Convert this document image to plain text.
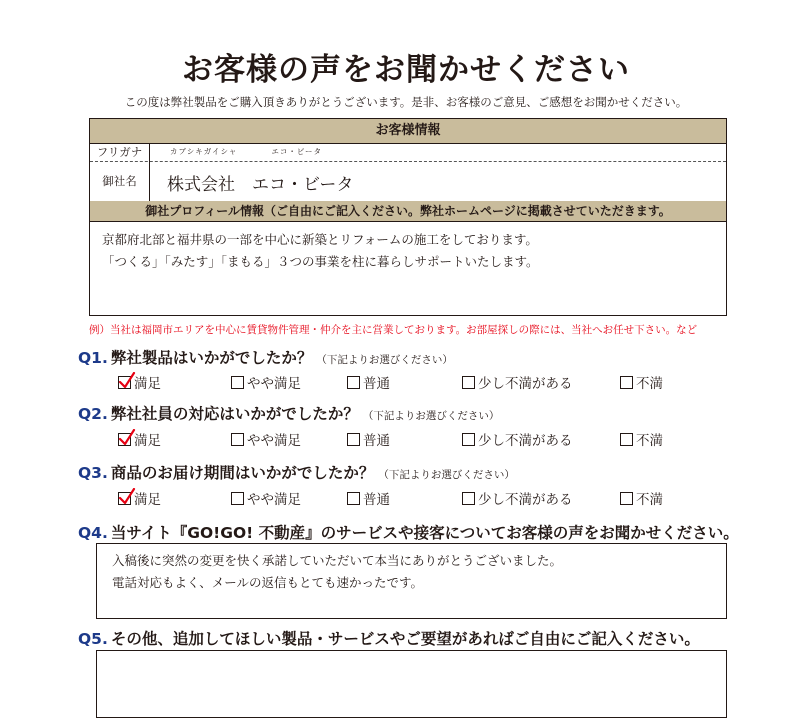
お客様の声をお聞かせください
この度は弊社製品をご購入頂きありがとうございます。是非、お客様のご意見、ご感想をお聞かせください。
お客様情報
フリガナ	カブシキガイシャ　　　　エコ・ビータ
御社名	株式会社　エコ・ビータ
御社プロフィール情報（ご自由にご記入ください。弊社ホームページに掲載させていただきます。
京都府北部と福井県の一部を中心に新築とリフォームの施工をしております。
「つくる」「みたす」「まもる」３つの事業を柱に暮らしサポートいたします。
例）当社は福岡市エリアを中心に賃貸物件管理・仲介を主に営業しております。お部屋探しの際には、当社へお任せ下さい。など
Q1. 弊社製品はいかがでしたか？ （下記よりお選びください）
Q2. 弊社社員の対応はいかがでしたか？ （下記よりお選びください）
Q3. 商品のお届け期間はいかがでしたか？ （下記よりお選びください）
満足	やや満足	普通	少し不満がある	不満
満足	やや満足	普通	少し不満がある	不満
満足	やや満足	普通	少し不満がある	不満
Q4. 当サイト『GO!GO! 不動産』のサービスや接客についてお客様の声をお聞かせください。
入稿後に突然の変更を快く承諾していただいて本当にありがとうございました。
電話対応もよく、メールの返信もとても速かったです。
Q5. その他、追加してほしい製品・サービスやご要望があればご自由にご記入ください。
